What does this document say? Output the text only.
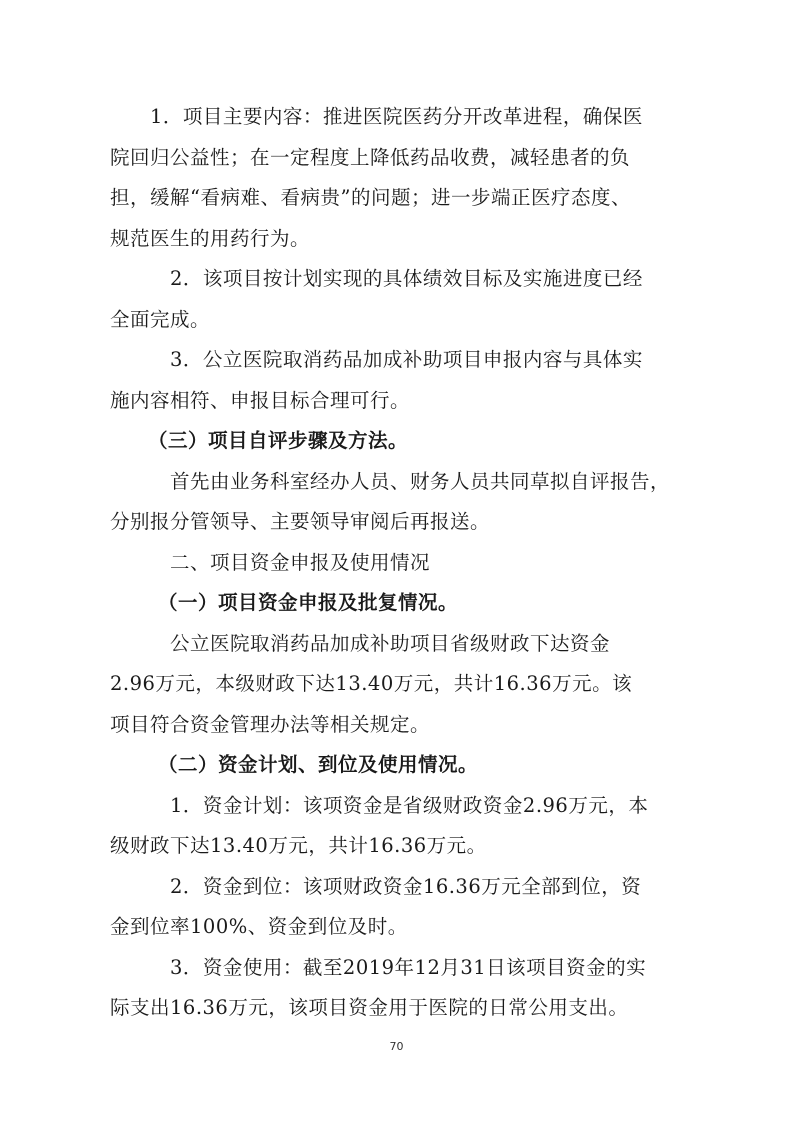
1．项目主要内容：推进医院医药分开改革进程，确保医
院回归公益性；在一定程度上降低药品收费，减轻患者的负
担，缓解“看病难、看病贵”的问题；进一步端正医疗态度、
规范医生的用药行为。
2．该项目按计划实现的具体绩效目标及实施进度已经
全面完成。
3．公立医院取消药品加成补助项目申报内容与具体实
施内容相符、申报目标合理可行。
（三）项目自评步骤及方法。
首先由业务科室经办人员、财务人员共同草拟自评报告，
分别报分管领导、主要领导审阅后再报送。
二、项目资金申报及使用情况
（一）项目资金申报及批复情况。
公立医院取消药品加成补助项目省级财政下达资金
2.96万元，本级财政下达13.40万元，共计16.36万元。该
项目符合资金管理办法等相关规定。
（二）资金计划、到位及使用情况。
1．资金计划：该项资金是省级财政资金2.96万元，本
级财政下达13.40万元，共计16.36万元。
2．资金到位：该项财政资金16.36万元全部到位，资
金到位率100%、资金到位及时。
3．资金使用：截至2019年12月31日该项目资金的实
际支出16.36万元，该项目资金用于医院的日常公用支出。
70
